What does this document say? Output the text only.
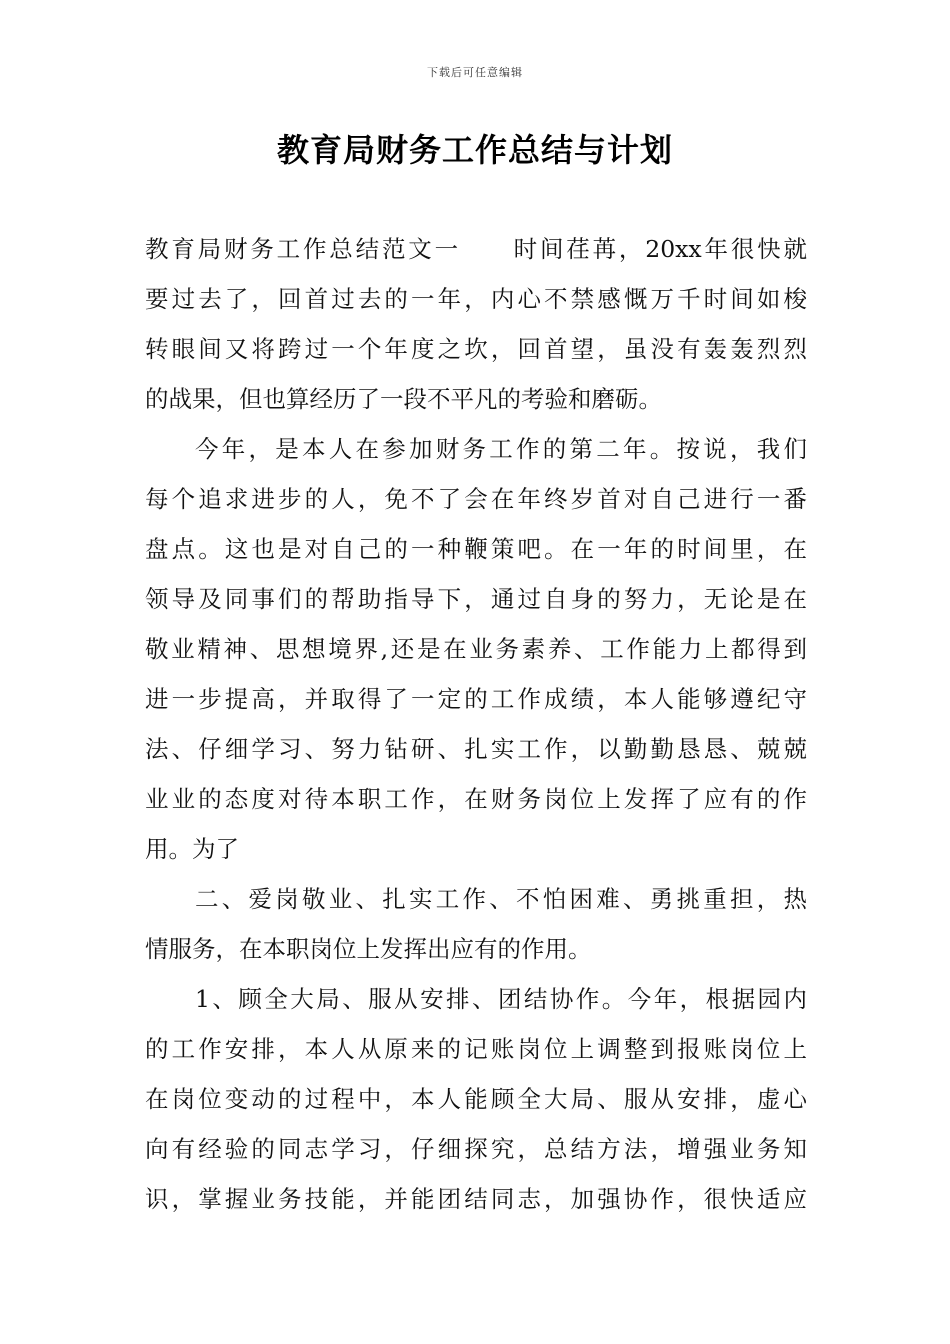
下载后可任意编辑
教育局财务工作总结与计划
教育局财务工作总结范文一　　时间荏苒，20xx年很快就
要过去了，回首过去的一年，内心不禁感慨万千时间如梭
转眼间又将跨过一个年度之坎，回首望，虽没有轰轰烈烈
的战果，但也算经历了一段不平凡的考验和磨砺。
今年，是本人在参加财务工作的第二年。按说，我们
每个追求进步的人，免不了会在年终岁首对自己进行一番
盘点。这也是对自己的一种鞭策吧。在一年的时间里，在
领导及同事们的帮助指导下，通过自身的努力，无论是在
敬业精神、思想境界,还是在业务素养、工作能力上都得到
进一步提高，并取得了一定的工作成绩，本人能够遵纪守
法、仔细学习、努力钻研、扎实工作，以勤勤恳恳、兢兢
业业的态度对待本职工作，在财务岗位上发挥了应有的作
用。为了
二、爱岗敬业、扎实工作、不怕困难、勇挑重担，热
情服务，在本职岗位上发挥出应有的作用。
1、顾全大局、服从安排、团结协作。今年，根据园内
的工作安排，本人从原来的记账岗位上调整到报账岗位上
在岗位变动的过程中，本人能顾全大局、服从安排，虚心
向有经验的同志学习，仔细探究，总结方法，增强业务知
识，掌握业务技能，并能团结同志，加强协作，很快适应
